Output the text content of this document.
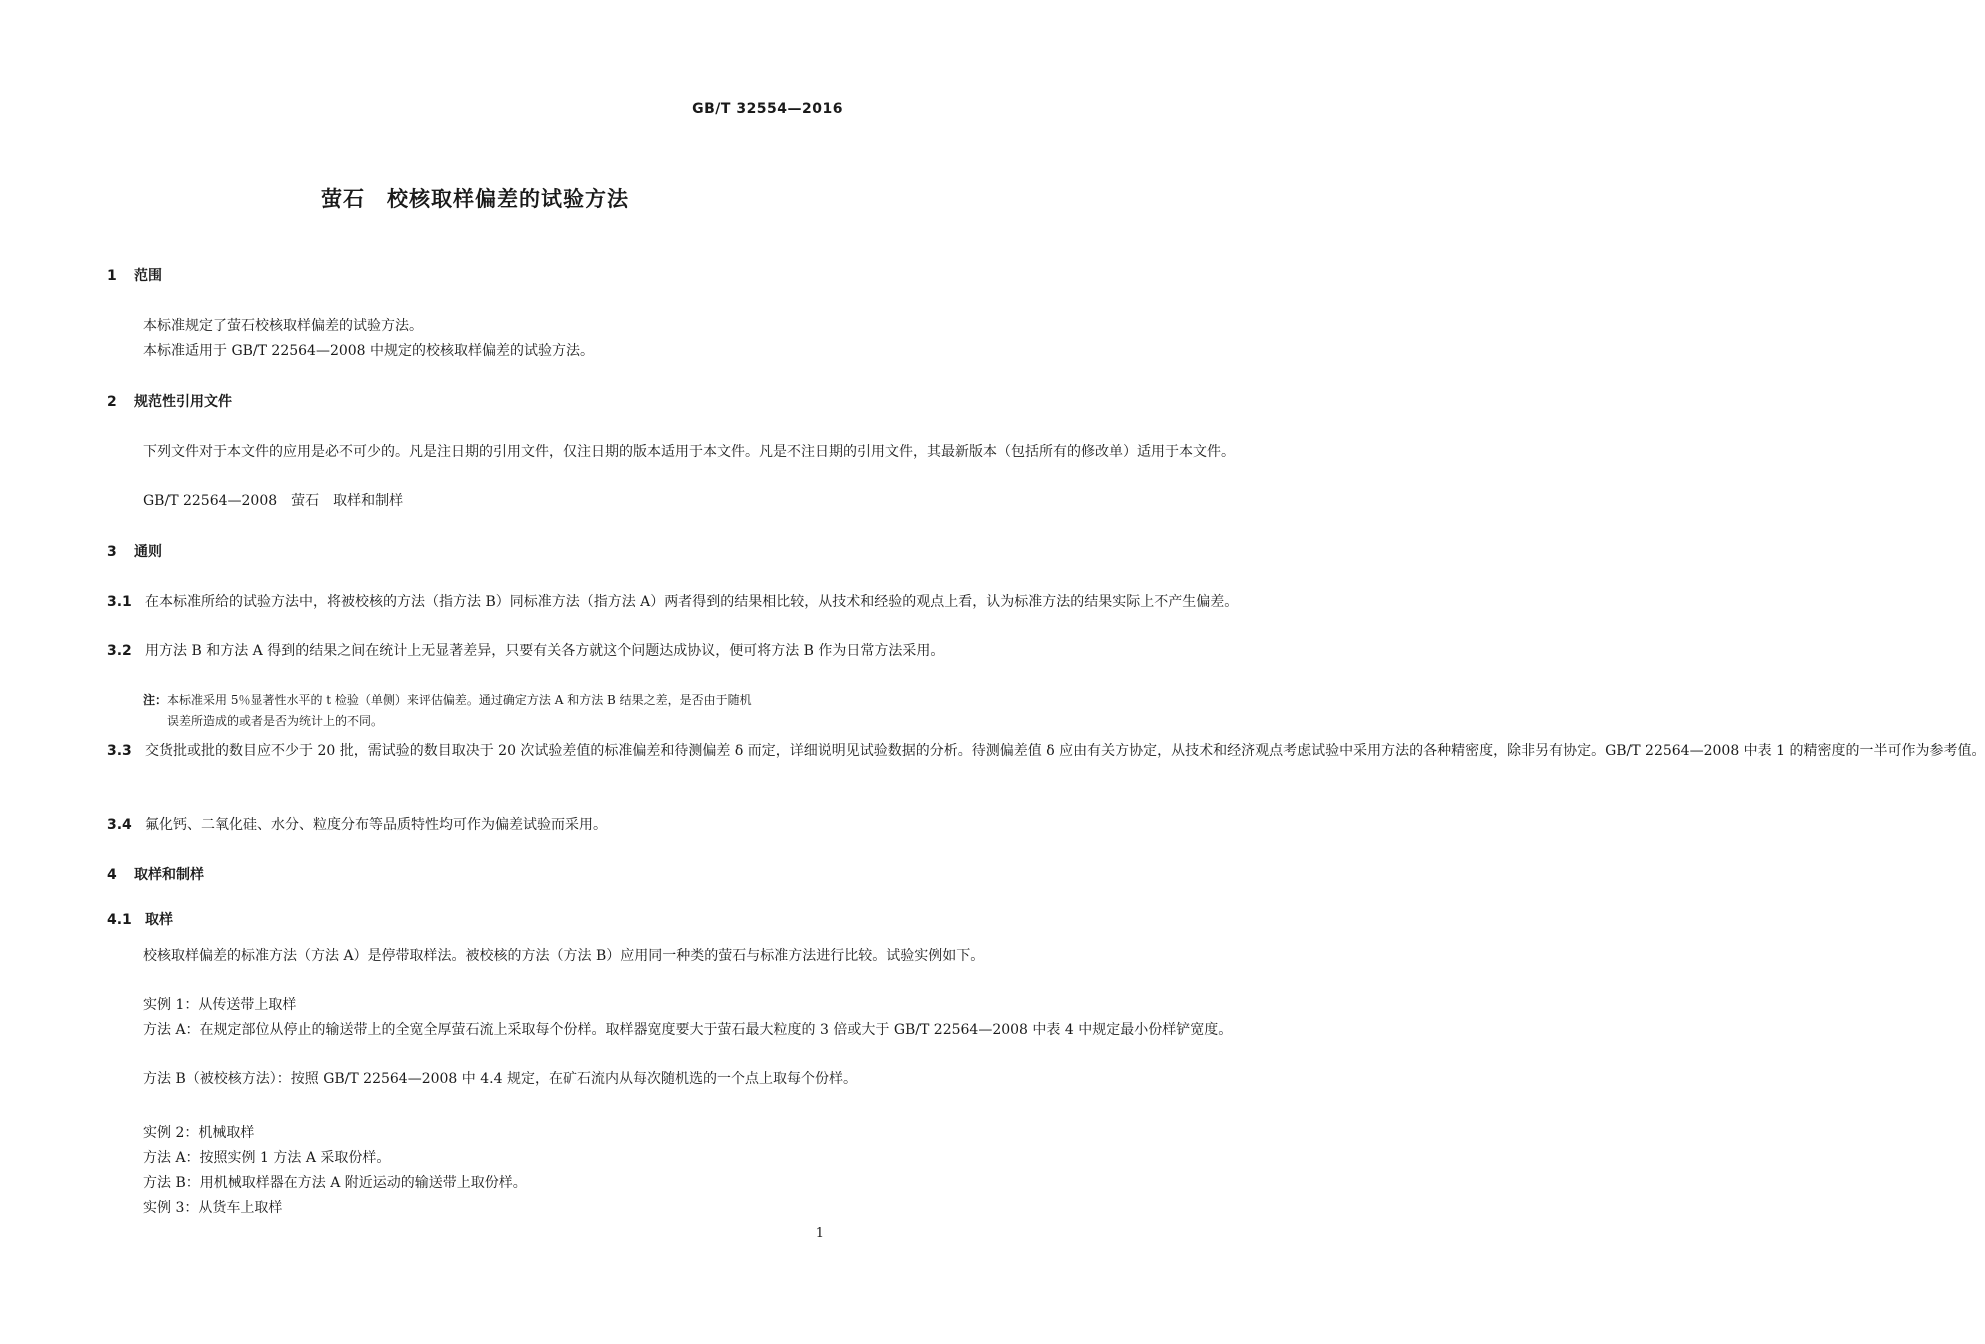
GB/T 32554—2016
萤石　校核取样偏差的试验方法
1 范围
本标准规定了萤石校核取样偏差的试验方法。
本标准适用于 GB/T 22564—2008 中规定的校核取样偏差的试验方法。
2 规范性引用文件
下列文件对于本文件的应用是必不可少的。凡是注日期的引用文件，仅注日期的版本适用于本文件。凡是不注日期的引用文件，其最新版本（包括所有的修改单）适用于本文件。
GB/T 22564—2008　萤石　取样和制样
3 通则
3.1 在本标准所给的试验方法中，将被校核的方法（指方法 B）同标准方法（指方法 A）两者得到的结果相比较，从技术和经验的观点上看，认为标准方法的结果实际上不产生偏差。
3.2 用方法 B 和方法 A 得到的结果之间在统计上无显著差异，只要有关各方就这个问题达成协议，便可将方法 B 作为日常方法采用。
注：本标准采用 5％显著性水平的 t 检验（单侧）来评估偏差。通过确定方法 A 和方法 B 结果之差，是否由于随机
误差所造成的或者是否为统计上的不同。
3.3 交货批或批的数目应不少于 20 批，需试验的数目取决于 20 次试验差值的标准偏差和待测偏差 δ 而定，详细说明见试验数据的分析。待测偏差值 δ 应由有关方协定，从技术和经济观点考虑试验中采用方法的各种精密度，除非另有协定。GB/T 22564—2008 中表 1 的精密度的一半可作为参考值。
3.4 氟化钙、二氧化硅、水分、粒度分布等品质特性均可作为偏差试验而采用。
4 取样和制样
4.1 取样
校核取样偏差的标准方法（方法 A）是停带取样法。被校核的方法（方法 B）应用同一种类的萤石与标准方法进行比较。试验实例如下。
实例 1：从传送带上取样
方法 A：在规定部位从停止的输送带上的全宽全厚萤石流上采取每个份样。取样器宽度要大于萤石最大粒度的 3 倍或大于 GB/T 22564—2008 中表 4 中规定最小份样铲宽度。
方法 B（被校核方法）：按照 GB/T 22564—2008 中 4.4 规定，在矿石流内从每次随机选的一个点上取每个份样。
实例 2：机械取样
方法 A：按照实例 1 方法 A 采取份样。
方法 B：用机械取样器在方法 A 附近运动的输送带上取份样。
实例 3：从货车上取样
1
